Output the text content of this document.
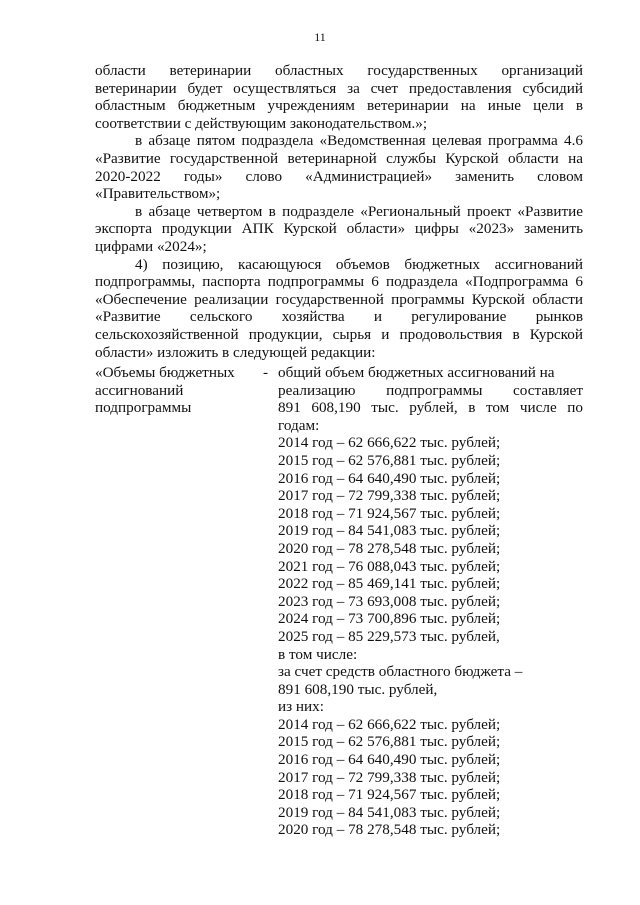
11

области ветеринарии областных государственных организаций ветеринарии будет осуществляться за счет предоставления субсидий областным бюджетным учреждениям ветеринарии на иные цели в соответствии с действующим законодательством.»;

в абзаце пятом подраздела «Ведомственная целевая программа 4.6 «Развитие государственной ветеринарной службы Курской области на 2020-2022 годы» слово «Администрацией» заменить словом «Правительством»;

в абзаце четвертом в подразделе «Региональный проект «Развитие экспорта продукции АПК Курской области» цифры «2023» заменить цифрами «2024»;

4) позицию, касающуюся объемов бюджетных ассигнований подпрограммы, паспорта подпрограммы 6 подраздела «Подпрограмма 6 «Обеспечение реализации государственной программы Курской области «Развитие сельского хозяйства и регулирование рынков сельскохозяйственной продукции, сырья и продовольствия в Курской области» изложить в следующей редакции:

«Объемы бюджетных
ассигнований
подпрограммы
- общий объем бюджетных ассигнований на
реализацию подпрограммы составляет
891 608,190 тыс. рублей, в том числе по
годам:
2014 год – 62 666,622 тыс. рублей;
2015 год – 62 576,881 тыс. рублей;
2016 год – 64 640,490 тыс. рублей;
2017 год – 72 799,338 тыс. рублей;
2018 год – 71 924,567 тыс. рублей;
2019 год – 84 541,083 тыс. рублей;
2020 год – 78 278,548 тыс. рублей;
2021 год – 76 088,043 тыс. рублей;
2022 год – 85 469,141 тыс. рублей;
2023 год – 73 693,008 тыс. рублей;
2024 год – 73 700,896 тыс. рублей;
2025 год – 85 229,573 тыс. рублей,
в том числе:
за счет средств областного бюджета –
891 608,190 тыс. рублей,
из них:
2014 год – 62 666,622 тыс. рублей;
2015 год – 62 576,881 тыс. рублей;
2016 год – 64 640,490 тыс. рублей;
2017 год – 72 799,338 тыс. рублей;
2018 год – 71 924,567 тыс. рублей;
2019 год – 84 541,083 тыс. рублей;
2020 год – 78 278,548 тыс. рублей;
